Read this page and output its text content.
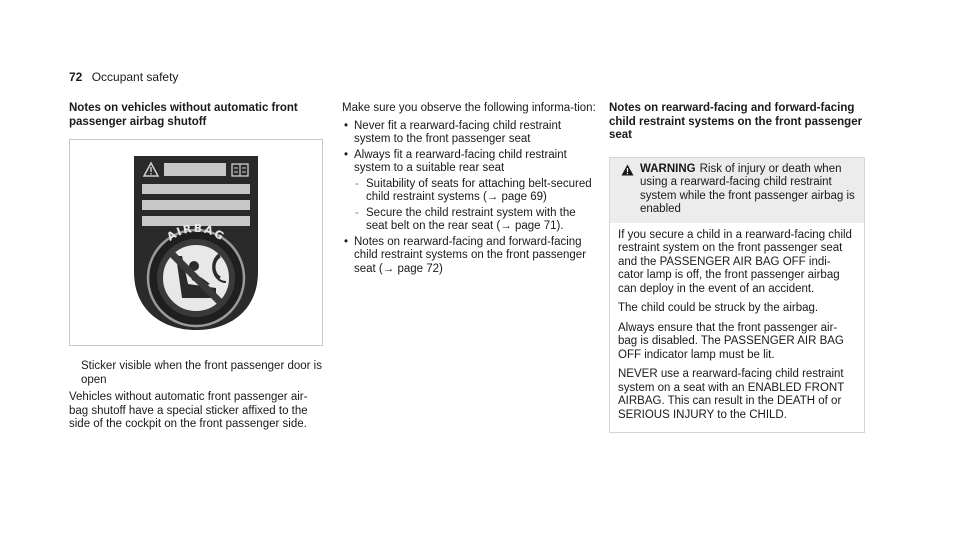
72 Occupant safety
Notes on vehicles without automatic front passenger airbag shutoff
AIRBAG

Sticker visible when the front passenger door is open

Vehicles without automatic front passenger air-bag shutoff have a special sticker affixed to the side of the cockpit on the front passenger side.

Make sure you observe the following informa-tion:

• Never fit a rearward-facing child restraint system to the front passenger seat
• Always fit a rearward-facing child restraint system to a suitable rear seat
- Suitability of seats for attaching belt-secured child restraint systems (→ page 69)
- Secure the child restraint system with the seat belt on the rear seat (→ page 71).
• Notes on rearward-facing and forward-facing child restraint systems on the front passenger seat (→ page 72)
Notes on rearward-facing and forward-facing child restraint systems on the front passenger seat
WARNING Risk of injury or death when using a rearward-facing child restraint system while the front passenger airbag is enabled

If you secure a child in a rearward-facing child restraint system on the front passenger seat and the PASSENGER AIR BAG OFF indi-cator lamp is off, the front passenger airbag can deploy in the event of an accident.

The child could be struck by the airbag.

Always ensure that the front passenger air-bag is disabled. The PASSENGER AIR BAG OFF indicator lamp must be lit.

NEVER use a rearward-facing child restraint system on a seat with an ENABLED FRONT AIRBAG. This can result in the DEATH of or SERIOUS INJURY to the CHILD.
